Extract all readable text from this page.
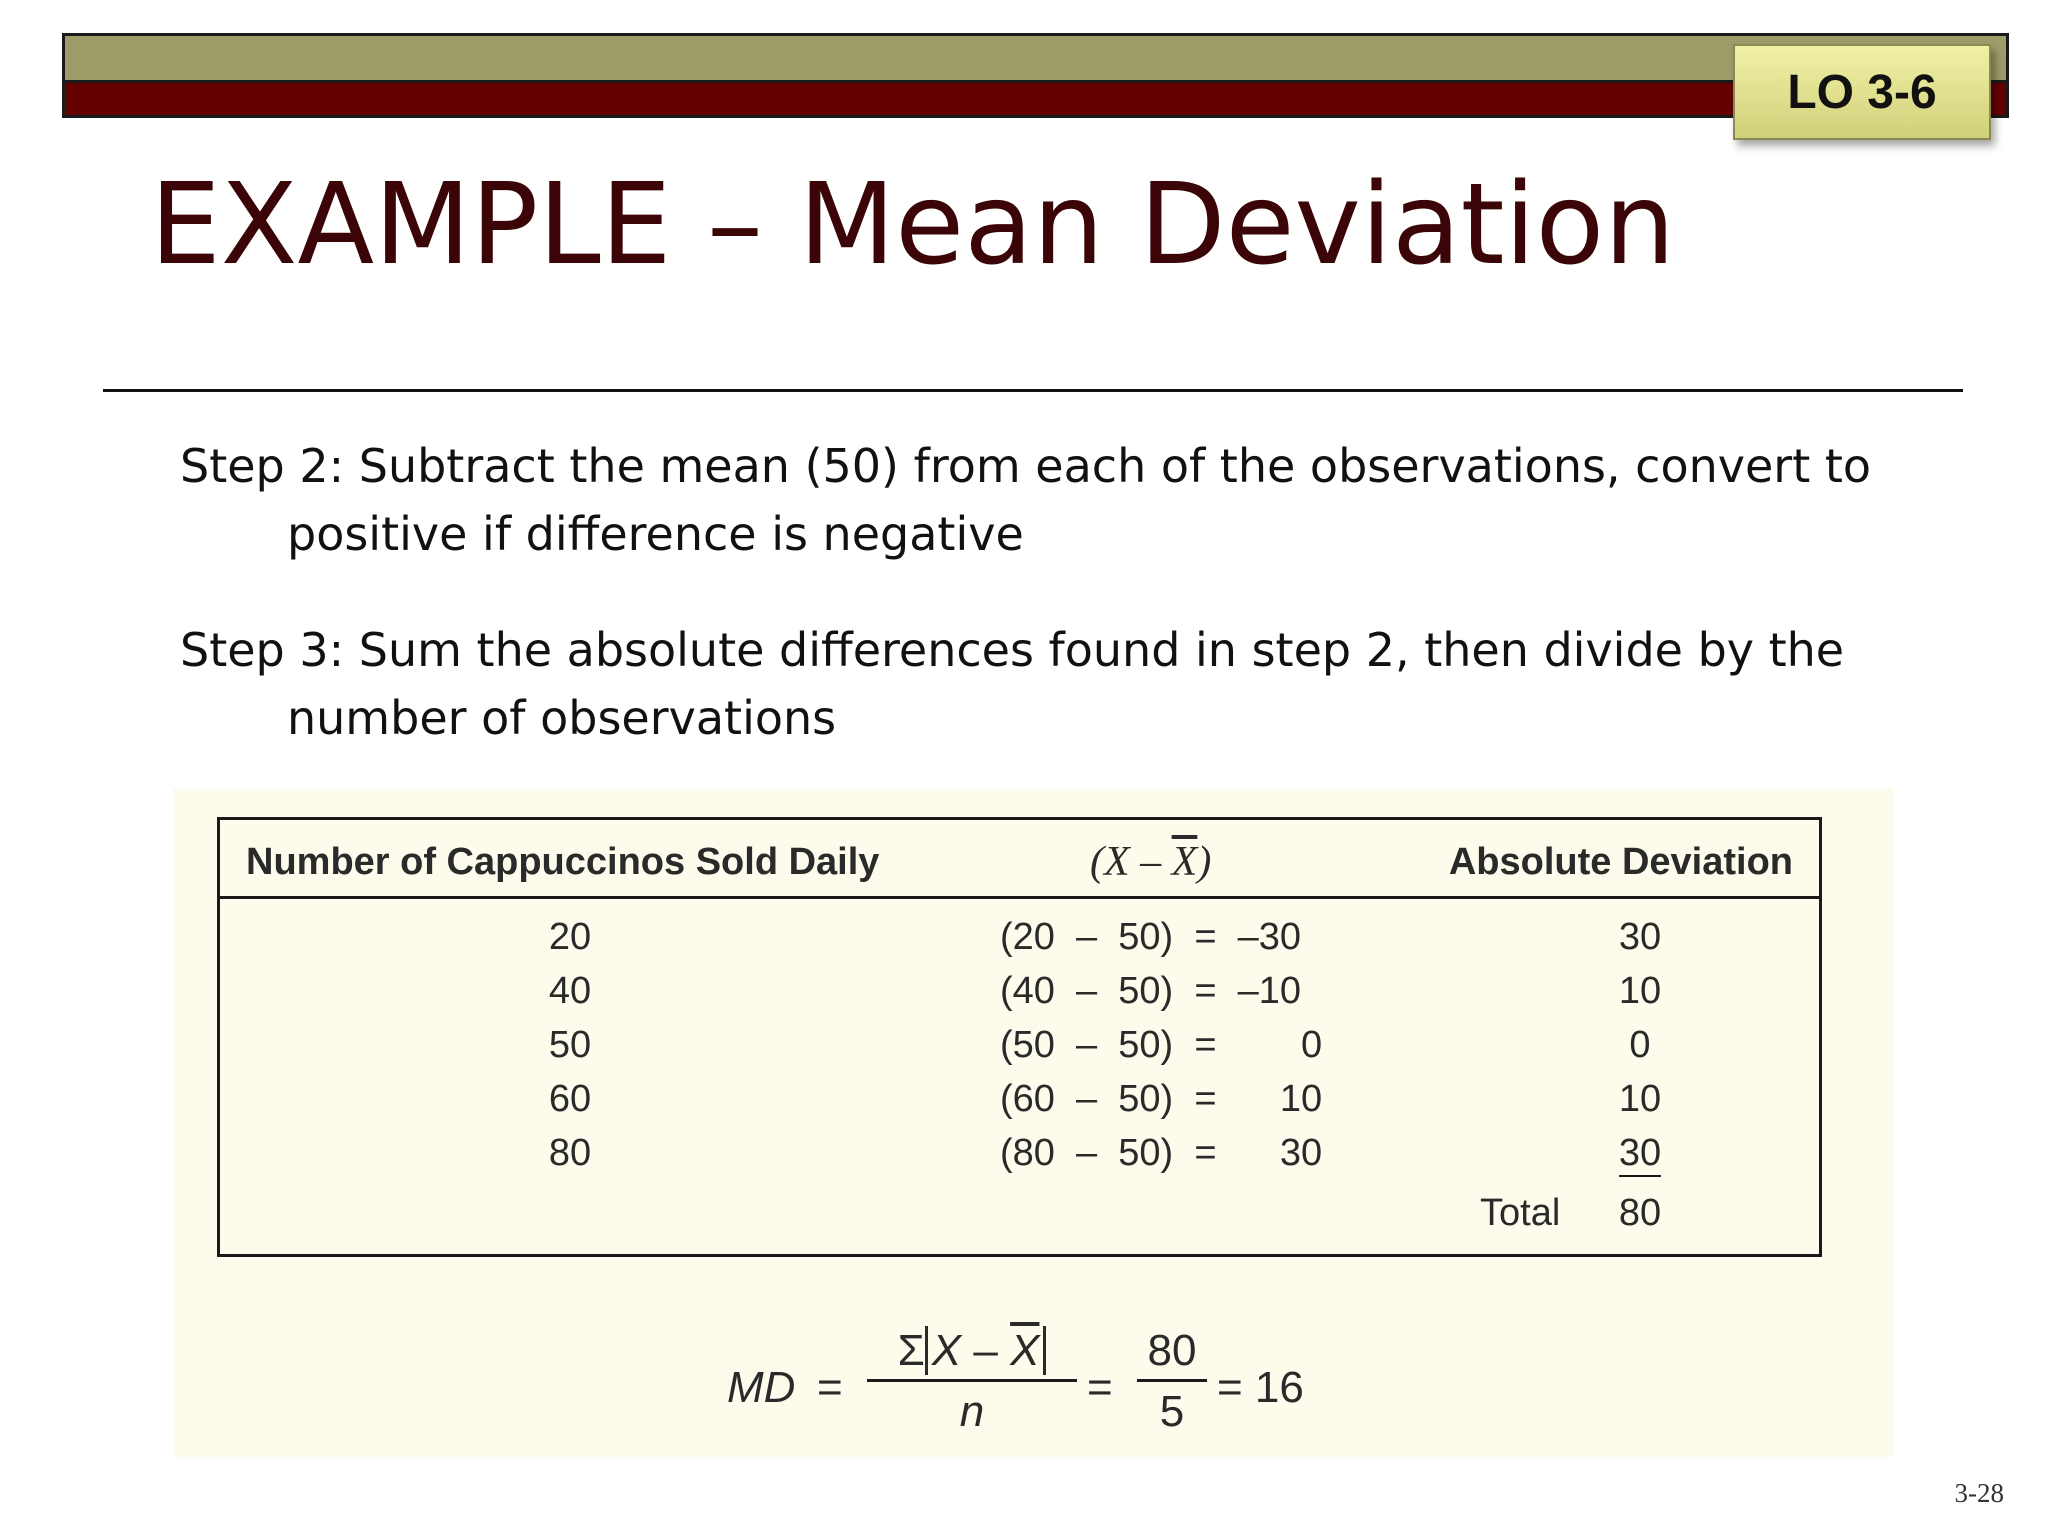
LO 3-6
EXAMPLE – Mean Deviation

Step 2: Subtract the mean (50) from each of the observations, convert to positive if difference is negative

Step 3: Sum the absolute differences found in step 2, then divide by the number of observations

Number of Cappuccinos Sold Daily	$(X - \overline{X})$	Absolute Deviation
20	(20  –  50)  =  –30	30
40	(40  –  50)  =  –10	10
50	(50  –  50)  =        0	0
60	(60  –  50)  =      10	10
80	(80  –  50)  =      30	30
Total	80
MD =
Σ X – $\overline{X}$
n	=
80
5 = 16
3-28
